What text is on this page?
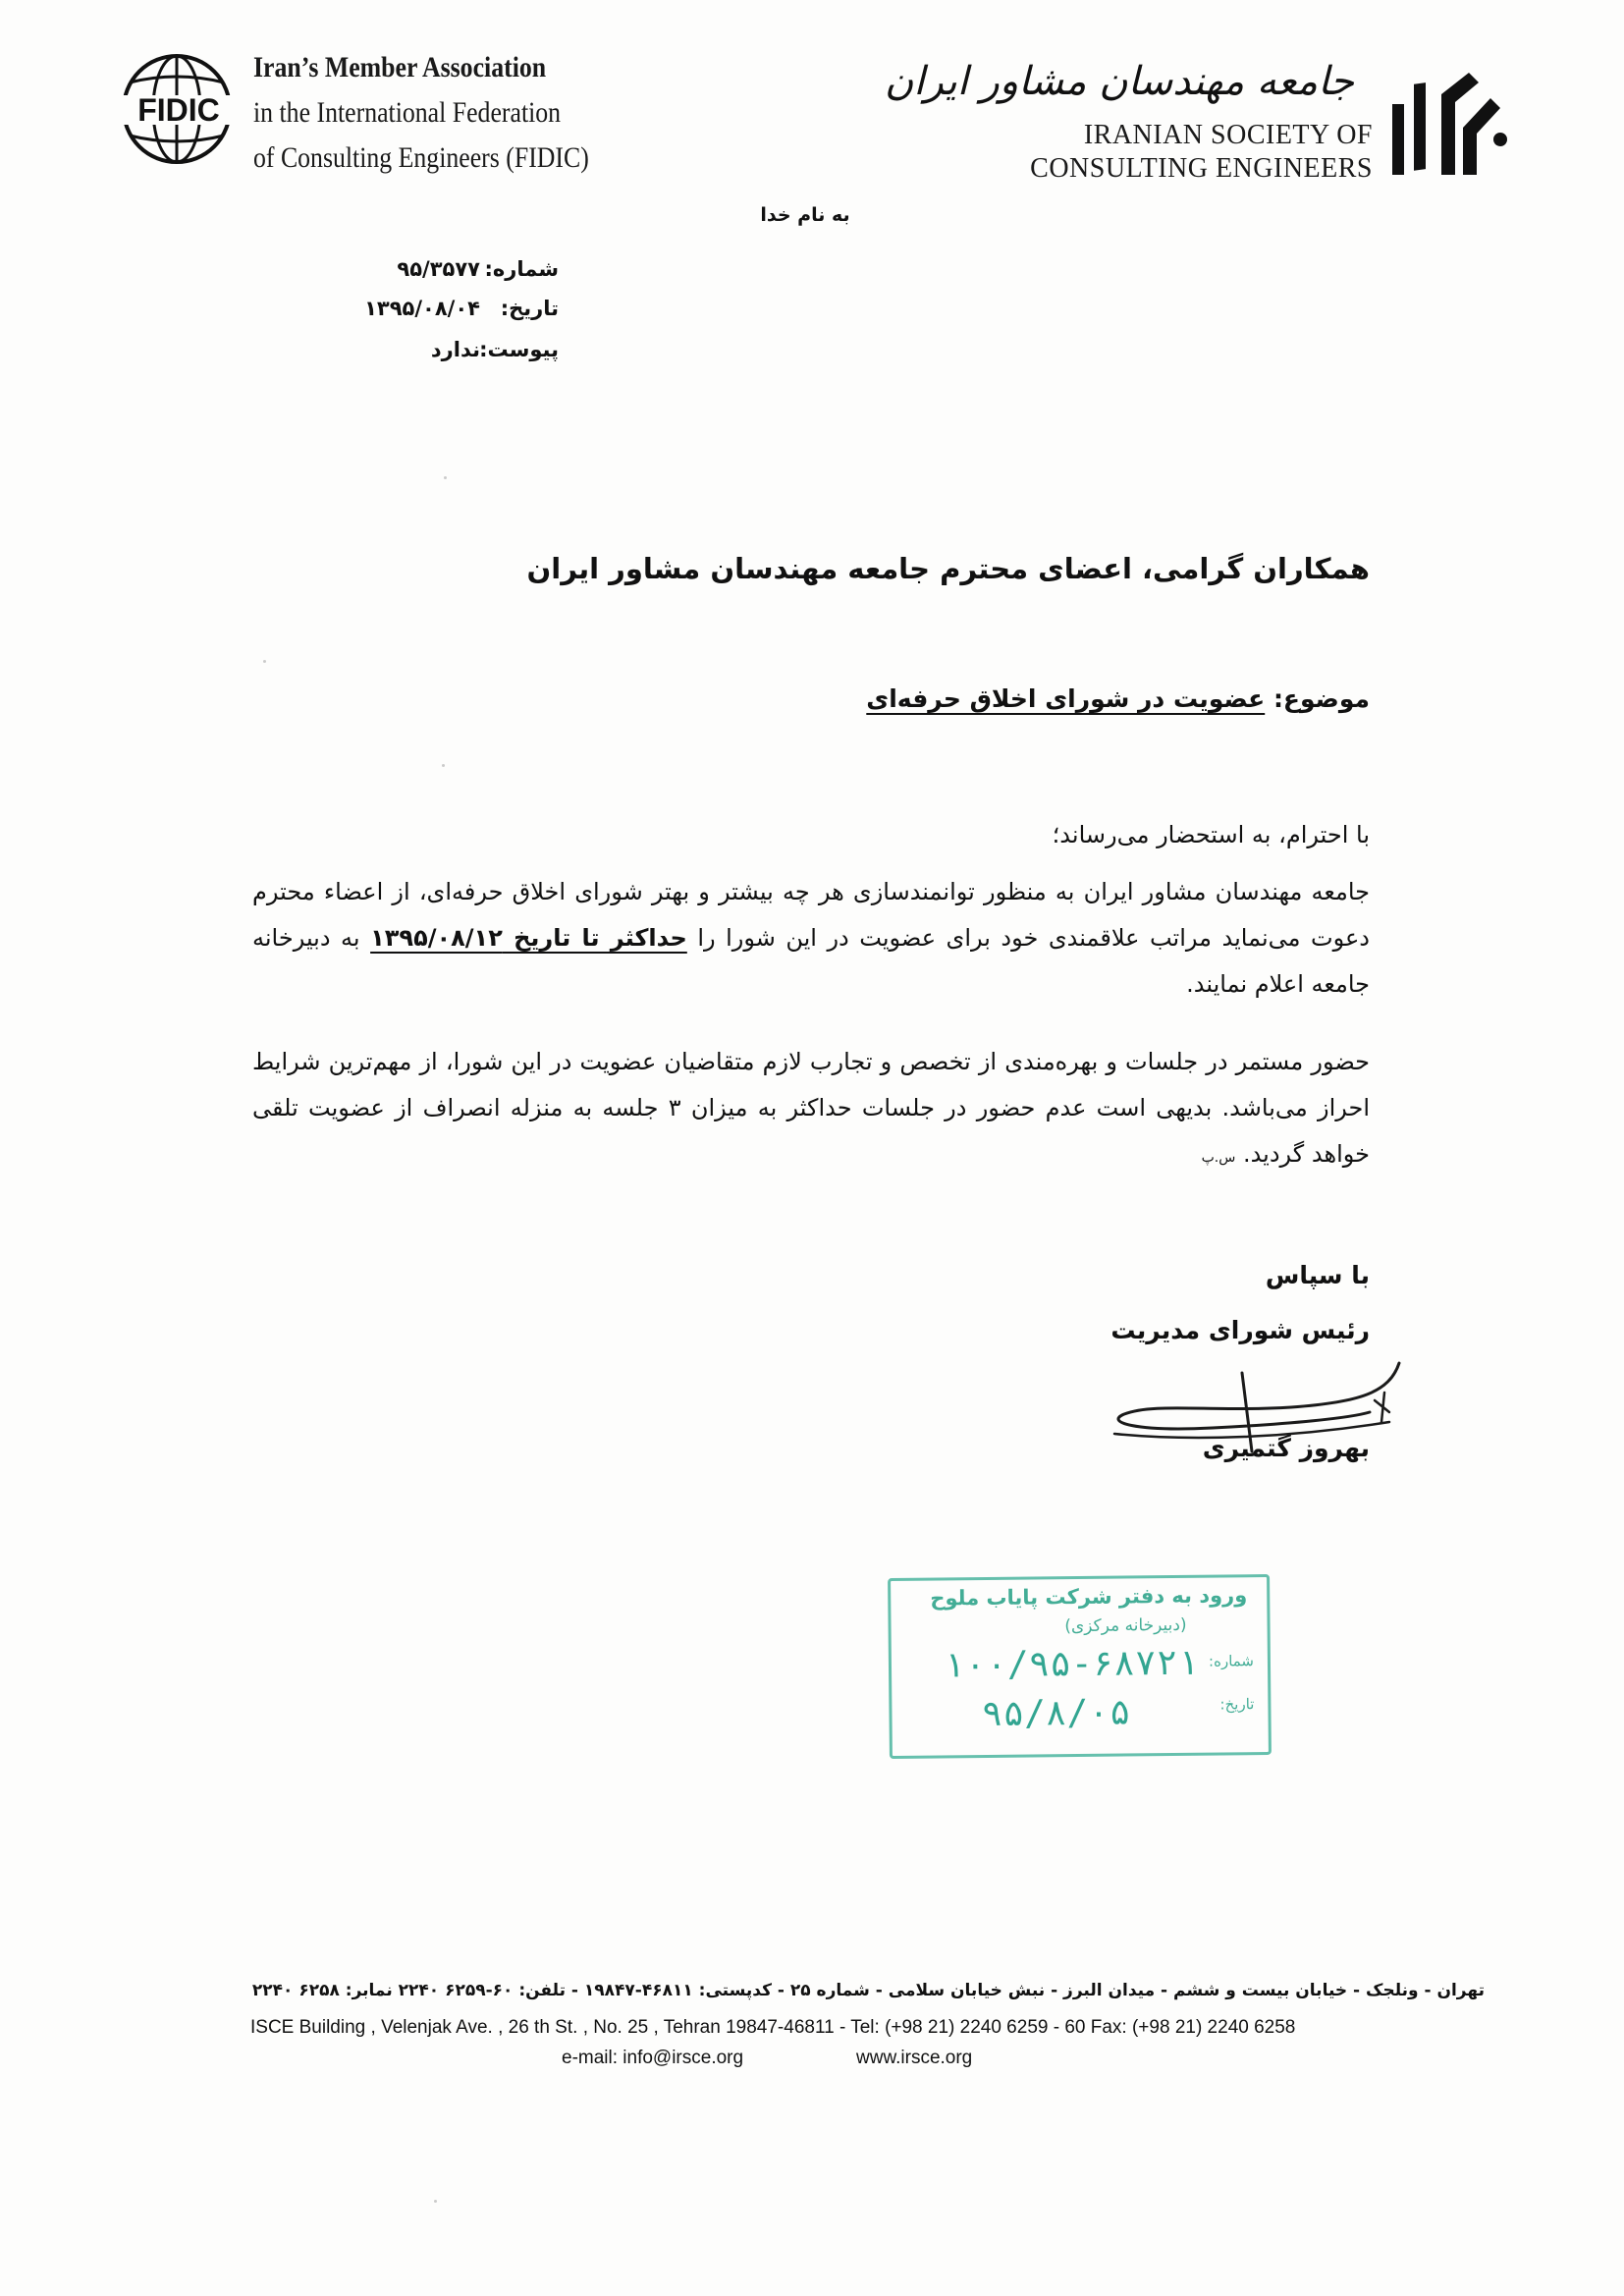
FIDIC
Iran’s Member Association
in the International Federation
of Consulting Engineers (FIDIC)
جامعه مهندسان مشاور ایران
IRANIAN SOCIETY OF
CONSULTING ENGINEERS
به نام خدا
شماره:۹۵/۳۵۷۷
تاریخ:۱۳۹۵/۰۸/۰۴
پیوست:ندارد
همکاران گرامی، اعضای محترم جامعه مهندسان مشاور ایران
موضوع: عضویت در شورای اخلاق حرفه‌ای
با احترام، به استحضار می‌رساند؛
جامعه مهندسان مشاور ایران به منظور توانمندسازی هر چه بیشتر و بهتر شورای اخلاق حرفه‌ای، از اعضاء محترم دعوت می‌نماید مراتب علاقمندی خود برای عضویت در این شورا را حداکثر تا تاریخ ۱۳۹۵/۰۸/۱۲ به دبیرخانه جامعه اعلام نمایند.
حضور مستمر در جلسات و بهره‌مندی از تخصص و تجارب لازم متقاضیان عضویت در این شورا، از مهم‌ترین شرایط احراز می‌باشد. بدیهی است عدم حضور در جلسات حداکثر به میزان ۳ جلسه به منزله انصراف از عضویت تلقی خواهد گردید. س.پ
با سپاس
رئیس شورای مدیریت
بهروز گتمیری
ورود به دفتر شرکت پایاب ملوح
(دبیرخانه مرکزی)
شماره:
تاریخ:
۱۰۰/۹۵-۶۸۷۲۱
۹۵/۸/۰۵
تهران - ونلجک - خیابان بیست و ششم - میدان البرز - نبش خیابان سلامی - شماره ۲۵ - کدپستی: ۴۶۸۱۱-۱۹۸۴۷ - تلفن: ۶۰-۶۲۵۹ ۲۲۴۰ نمابر: ۶۲۵۸ ۲۲۴۰
ISCE Building , Velenjak Ave. , 26 th St. , No. 25 , Tehran 19847-46811 - Tel: (+98 21) 2240 6259 - 60 Fax: (+98 21) 2240 6258
e-mail: info@irsce.org	www.irsce.org
